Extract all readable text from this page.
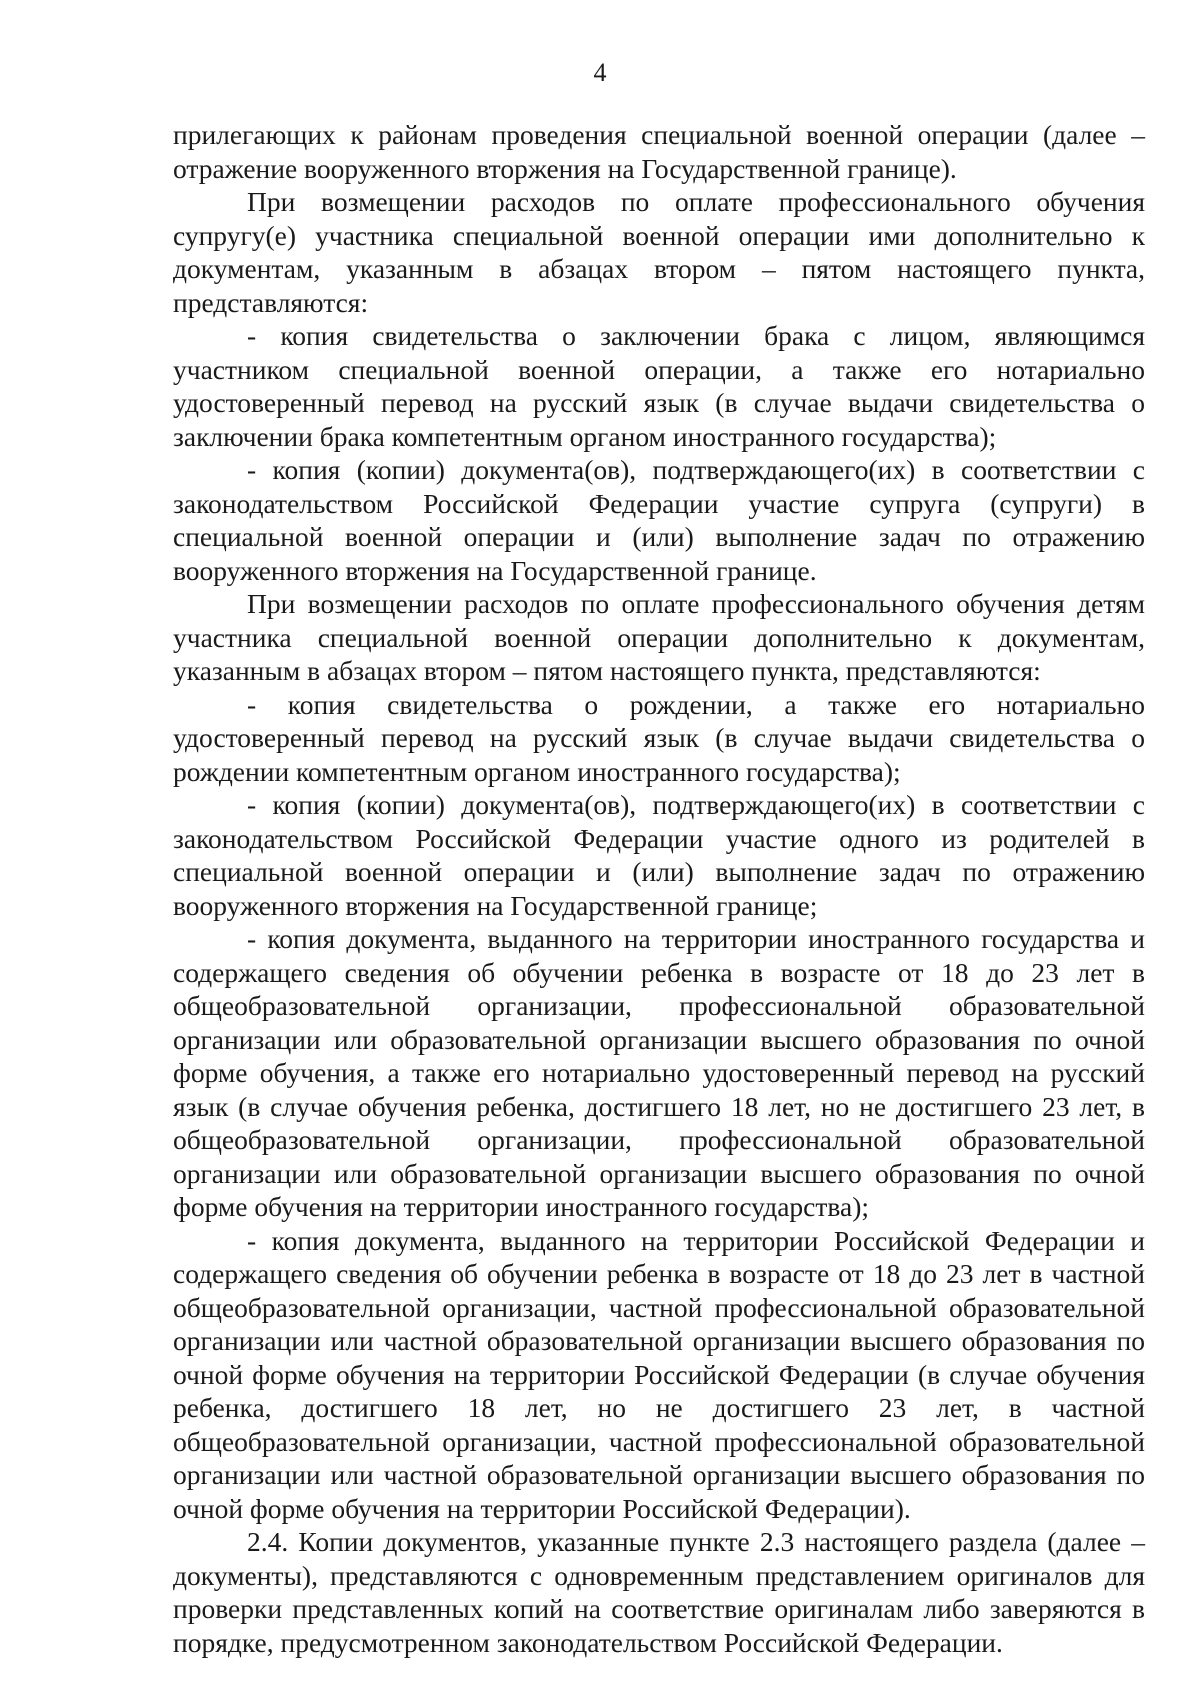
4

прилегающих к районам проведения специальной военной операции (далее – отражение вооруженного вторжения на Государственной границе).

При возмещении расходов по оплате профессионального обучения супругу(е) участника специальной военной операции ими дополнительно к документам, указанным в абзацах втором – пятом настоящего пункта, представляются:

- копия свидетельства о заключении брака с лицом, являющимся участником специальной военной операции, а также его нотариально удостоверенный перевод на русский язык (в случае выдачи свидетельства о заключении брака компетентным органом иностранного государства);

- копия (копии) документа(ов), подтверждающего(их) в соответствии с законодательством Российской Федерации участие супруга (супруги) в специальной военной операции и (или) выполнение задач по отражению вооруженного вторжения на Государственной границе.

При возмещении расходов по оплате профессионального обучения детям участника специальной военной операции дополнительно к документам, указанным в абзацах втором – пятом настоящего пункта, представляются:

- копия свидетельства о рождении, а также его нотариально удостоверенный перевод на русский язык (в случае выдачи свидетельства о рождении компетентным органом иностранного государства);

- копия (копии) документа(ов), подтверждающего(их) в соответствии с законодательством Российской Федерации участие одного из родителей в специальной военной операции и (или) выполнение задач по отражению вооруженного вторжения на Государственной границе;

- копия документа, выданного на территории иностранного государства и содержащего сведения об обучении ребенка в возрасте от 18 до 23 лет в общеобразовательной организации, профессиональной образовательной организации или образовательной организации высшего образования по очной форме обучения, а также его нотариально удостоверенный перевод на русский язык (в случае обучения ребенка, достигшего 18 лет, но не достигшего 23 лет, в общеобразовательной организации, профессиональной образовательной организации или образовательной организации высшего образования по очной форме обучения на территории иностранного государства);

- копия документа, выданного на территории Российской Федерации и содержащего сведения об обучении ребенка в возрасте от 18 до 23 лет в частной общеобразовательной организации, частной профессиональной образовательной организации или частной образовательной организации высшего образования по очной форме обучения на территории Российской Федерации (в случае обучения ребенка, достигшего 18 лет, но не достигшего 23 лет, в частной общеобразовательной организации, частной профессиональной образовательной организации или частной образовательной организации высшего образования по очной форме обучения на территории Российской Федерации).

2.4. Копии документов, указанные пункте 2.3 настоящего раздела (далее – документы), представляются с одновременным представлением оригиналов для проверки представленных копий на соответствие оригиналам либо заверяются в порядке, предусмотренном законодательством Российской Федерации.
